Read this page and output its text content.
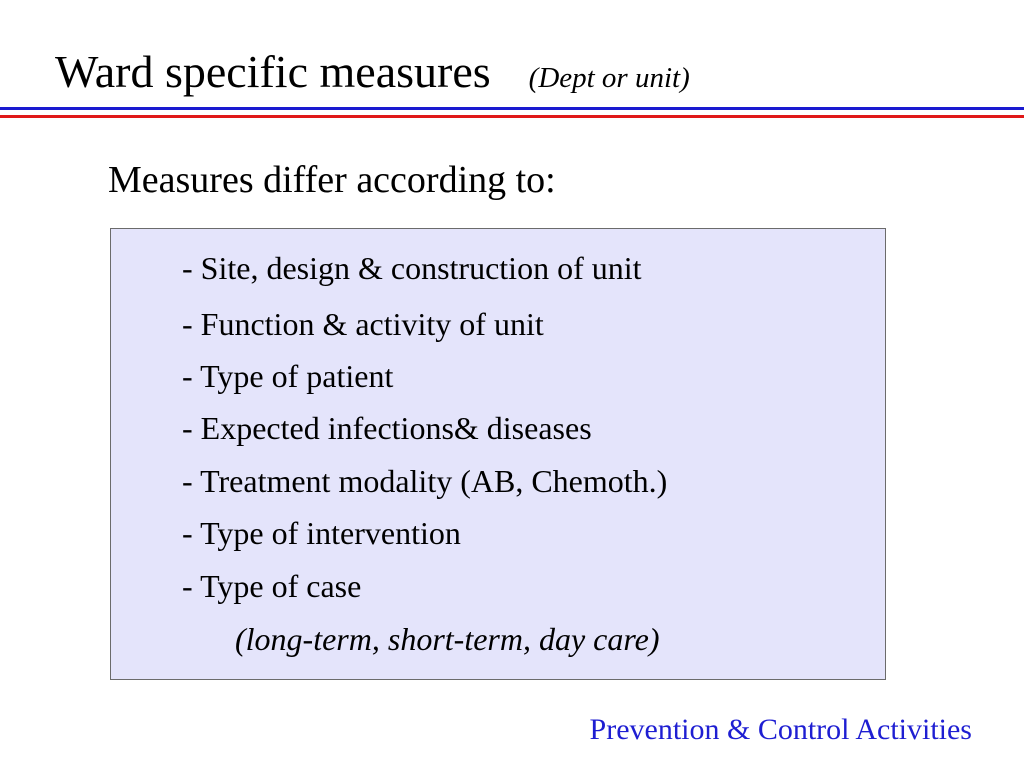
Ward specific measures (Dept or unit)

Measures differ according to:

- Site, design & construction of unit
- Function & activity of unit
- Type of patient
- Expected infections& diseases
- Treatment modality (AB, Chemoth.)
- Type of intervention
- Type of case
(long-term, short-term, day care)
Prevention & Control Activities
